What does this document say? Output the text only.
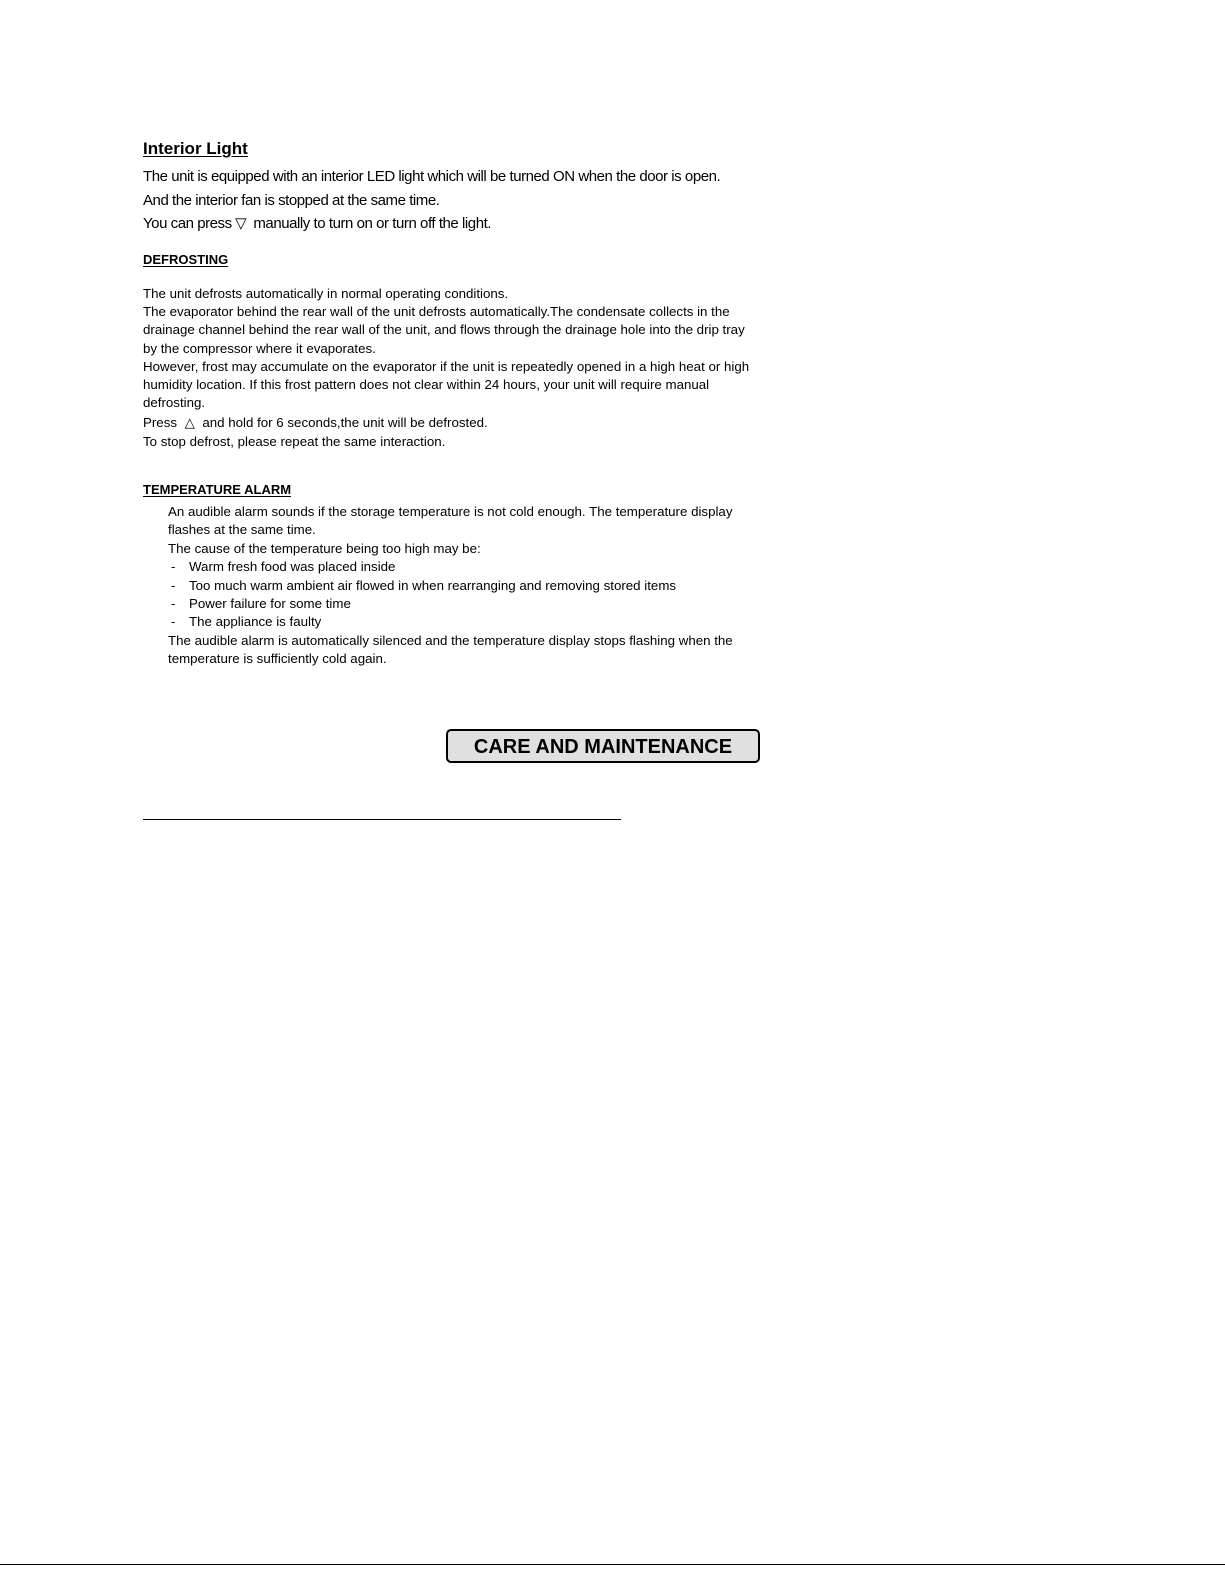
Interior Light
The unit is equipped with an interior LED light which will be turned ON when the door is open.
And the interior fan is stopped at the same time.
You can press ▽ manually to turn on or turn off the light.
DEFROSTING
The unit defrosts automatically in normal operating conditions.
The evaporator behind the rear wall of the unit defrosts automatically.The condensate collects in the
drainage channel behind the rear wall of the unit, and flows through the drainage hole into the drip tray
by the compressor where it evaporates.
However, frost may accumulate on the evaporator if the unit is repeatedly opened in a high heat or high
humidity location. If this frost pattern does not clear within 24 hours, your unit will require manual
defrosting.
Press △ and hold for 6 seconds,the unit will be defrosted.
To stop defrost, please repeat the same interaction.
TEMPERATURE ALARM
An audible alarm sounds if the storage temperature is not cold enough. The temperature display
flashes at the same time.
The cause of the temperature being too high may be:
- Warm fresh food was placed inside
- Too much warm ambient air flowed in when rearranging and removing stored items
- Power failure for some time
- The appliance is faulty
The audible alarm is automatically silenced and the temperature display stops flashing when the
temperature is sufficiently cold again.
CARE AND MAINTENANCE
